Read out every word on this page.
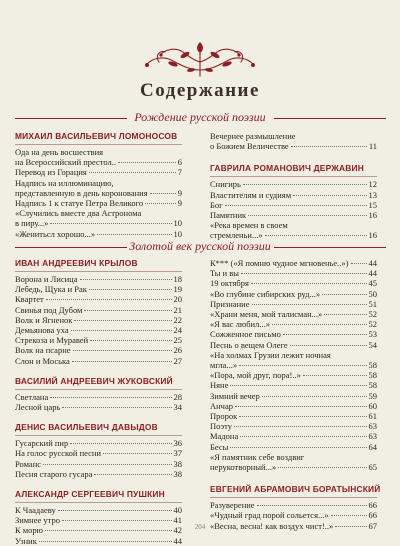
Содержание
Рождение русской поэзии
МИХАИЛ ВАСИЛЬЕВИЧ ЛОМОНОСОВ
Ода на день восшествия
на Всероссийский престол..	6
Перевод из Горация	7
Надпись на иллюминацию,
представленную в день коронования	9
Надпись 1 к статуе Петра Великого	9
«Случились вместе два Астронома
в пиру...»	10
«Женитьсл хорошо...»	10
Вечернее размышление
о Божием Величестве	11
ГАВРИЛА РОМАНОВИЧ ДЕРЖАВИН
Снигирь	12
Властителям и судиям	13
Бог	15
Памятник	16
«Река времен в своем
стремленьи...»	16
Золотой век русской поэзии
ИВАН АНДРЕЕВИЧ КРЫЛОВ
Ворона и Лисица	18
Лебедь, Щука и Рак	19
Квартет	20
Свинья под Дубом	21
Волк и Ягненок	22
Демьянова уха	24
Стрекоза и Муравей	25
Волк на псарне	26
Слон и Моська	27
ВАСИЛИЙ АНДРЕЕВИЧ ЖУКОВСКИЙ
Светлана	28
Лесной царь	34
ДЕНИС ВАСИЛЬЕВИЧ ДАВЫДОВ
Гусарский пир	36
На голос русской песни	37
Романс	38
Песня старого гусара	38
АЛЕКСАНДР СЕРГЕЕВИЧ ПУШКИН
К Чаадаеву	40
Зимнее утро	41
К морю	42
Узник	44
К*** («Я помню чудное мгновенье..») 44
Ты и вы	44
19 октября	45
«Во глубине сибирских руд...»	50
Признание	51
«Храни меня, мой талисман...»	52
«Я вас любил...»	52
Сожженное письмо	53
Песнь о вещем Олеге	54
«На холмах Грузии лежит ночная
мгла...»	58
«Пора, мой друг, пора!..»	58
Няне	58
Зимний вечер	59
Анчар	60
Пророк	61
Поэту	63
Мадона	63
Бесы	64
«Я памятник себе воздвиг
нерукотворный...»	65
ЕВГЕНИЙ АБРАМОВИЧ БОРАТЫНСКИЙ
Разуверение	66
«Чудный град порой сольется...»	66
«Весна, весна! как воздух чист!..»	67
204
